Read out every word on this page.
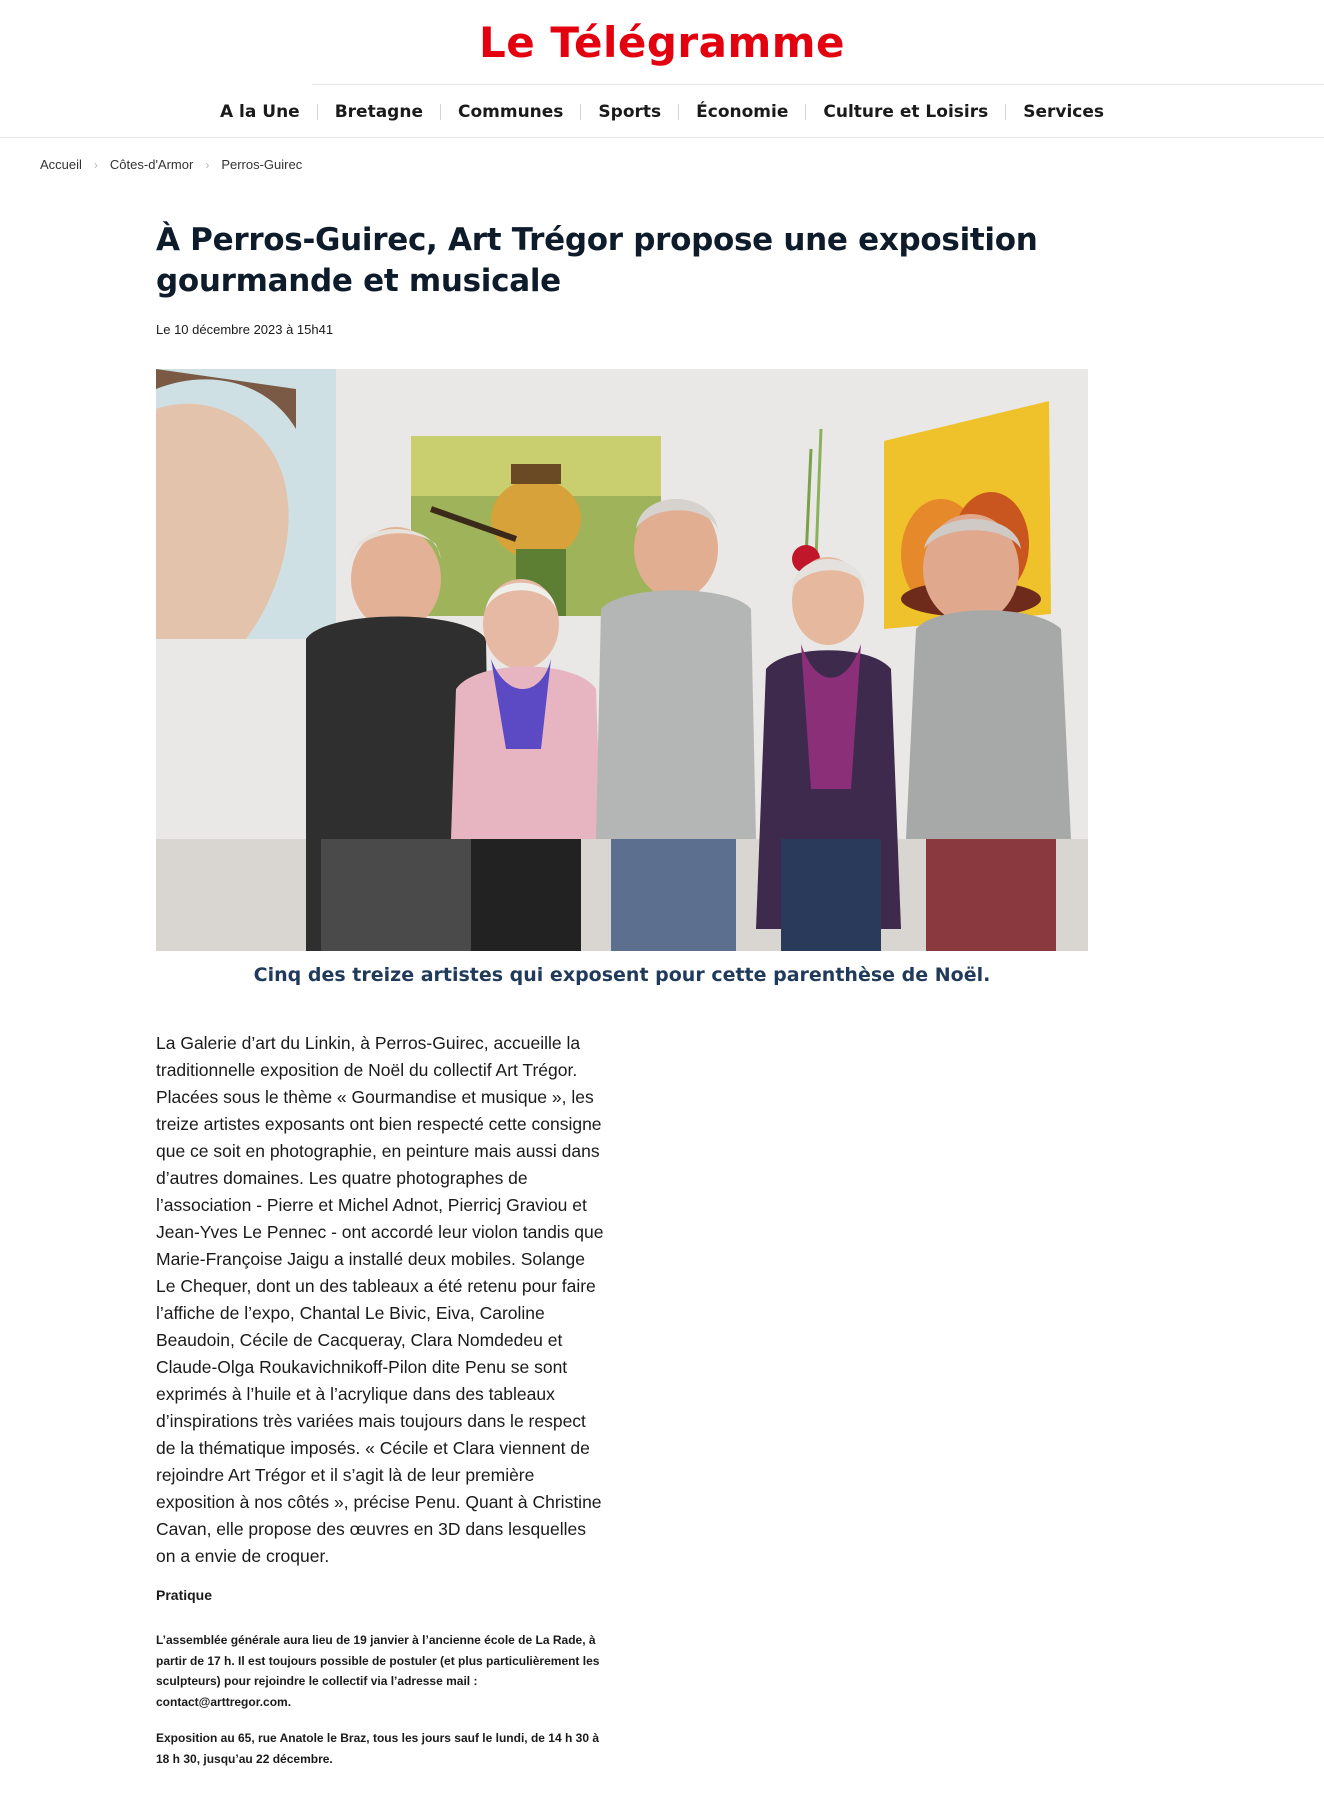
Le Télégramme
A la Une	Bretagne	Communes	Sports	Économie	Culture et Loisirs	Services
Accueil › Côtes-d'Armor › Perros-Guirec
À Perros-Guirec, Art Trégor propose une exposition gourmande et musicale
Le 10 décembre 2023 à 15h41
Cinq des treize artistes qui exposent pour cette parenthèse de Noël.

La Galerie d’art du Linkin, à Perros-Guirec, accueille la traditionnelle exposition de Noël du collectif Art Trégor. Placées sous le thème « Gourmandise et musique », les treize artistes exposants ont bien respecté cette consigne que ce soit en photographie, en peinture mais aussi dans d’autres domaines. Les quatre photographes de l’association - Pierre et Michel Adnot, Pierricj Graviou et Jean-Yves Le Pennec - ont accordé leur violon tandis que Marie-Françoise Jaigu a installé deux mobiles. Solange Le Chequer, dont un des tableaux a été retenu pour faire l’affiche de l’expo, Chantal Le Bivic, Eiva, Caroline Beaudoin, Cécile de Cacqueray, Clara Nomdedeu et Claude-Olga Roukavichnikoff-Pilon dite Penu se sont exprimés à l’huile et à l’acrylique dans des tableaux d’inspirations très variées mais toujours dans le respect de la thématique imposés. « Cécile et Clara viennent de rejoindre Art Trégor et il s’agit là de leur première exposition à nos côtés », précise Penu. Quant à Christine Cavan, elle propose des œuvres en 3D dans lesquelles on a envie de croquer.

Pratique

L’assemblée générale aura lieu de 19 janvier à l’ancienne école de La Rade, à partir de 17 h. Il est toujours possible de postuler (et plus particulièrement les sculpteurs) pour rejoindre le collectif via l’adresse mail : contact@arttregor.com.

Exposition au 65, rue Anatole le Braz, tous les jours sauf le lundi, de 14 h 30 à 18 h 30, jusqu’au 22 décembre.
